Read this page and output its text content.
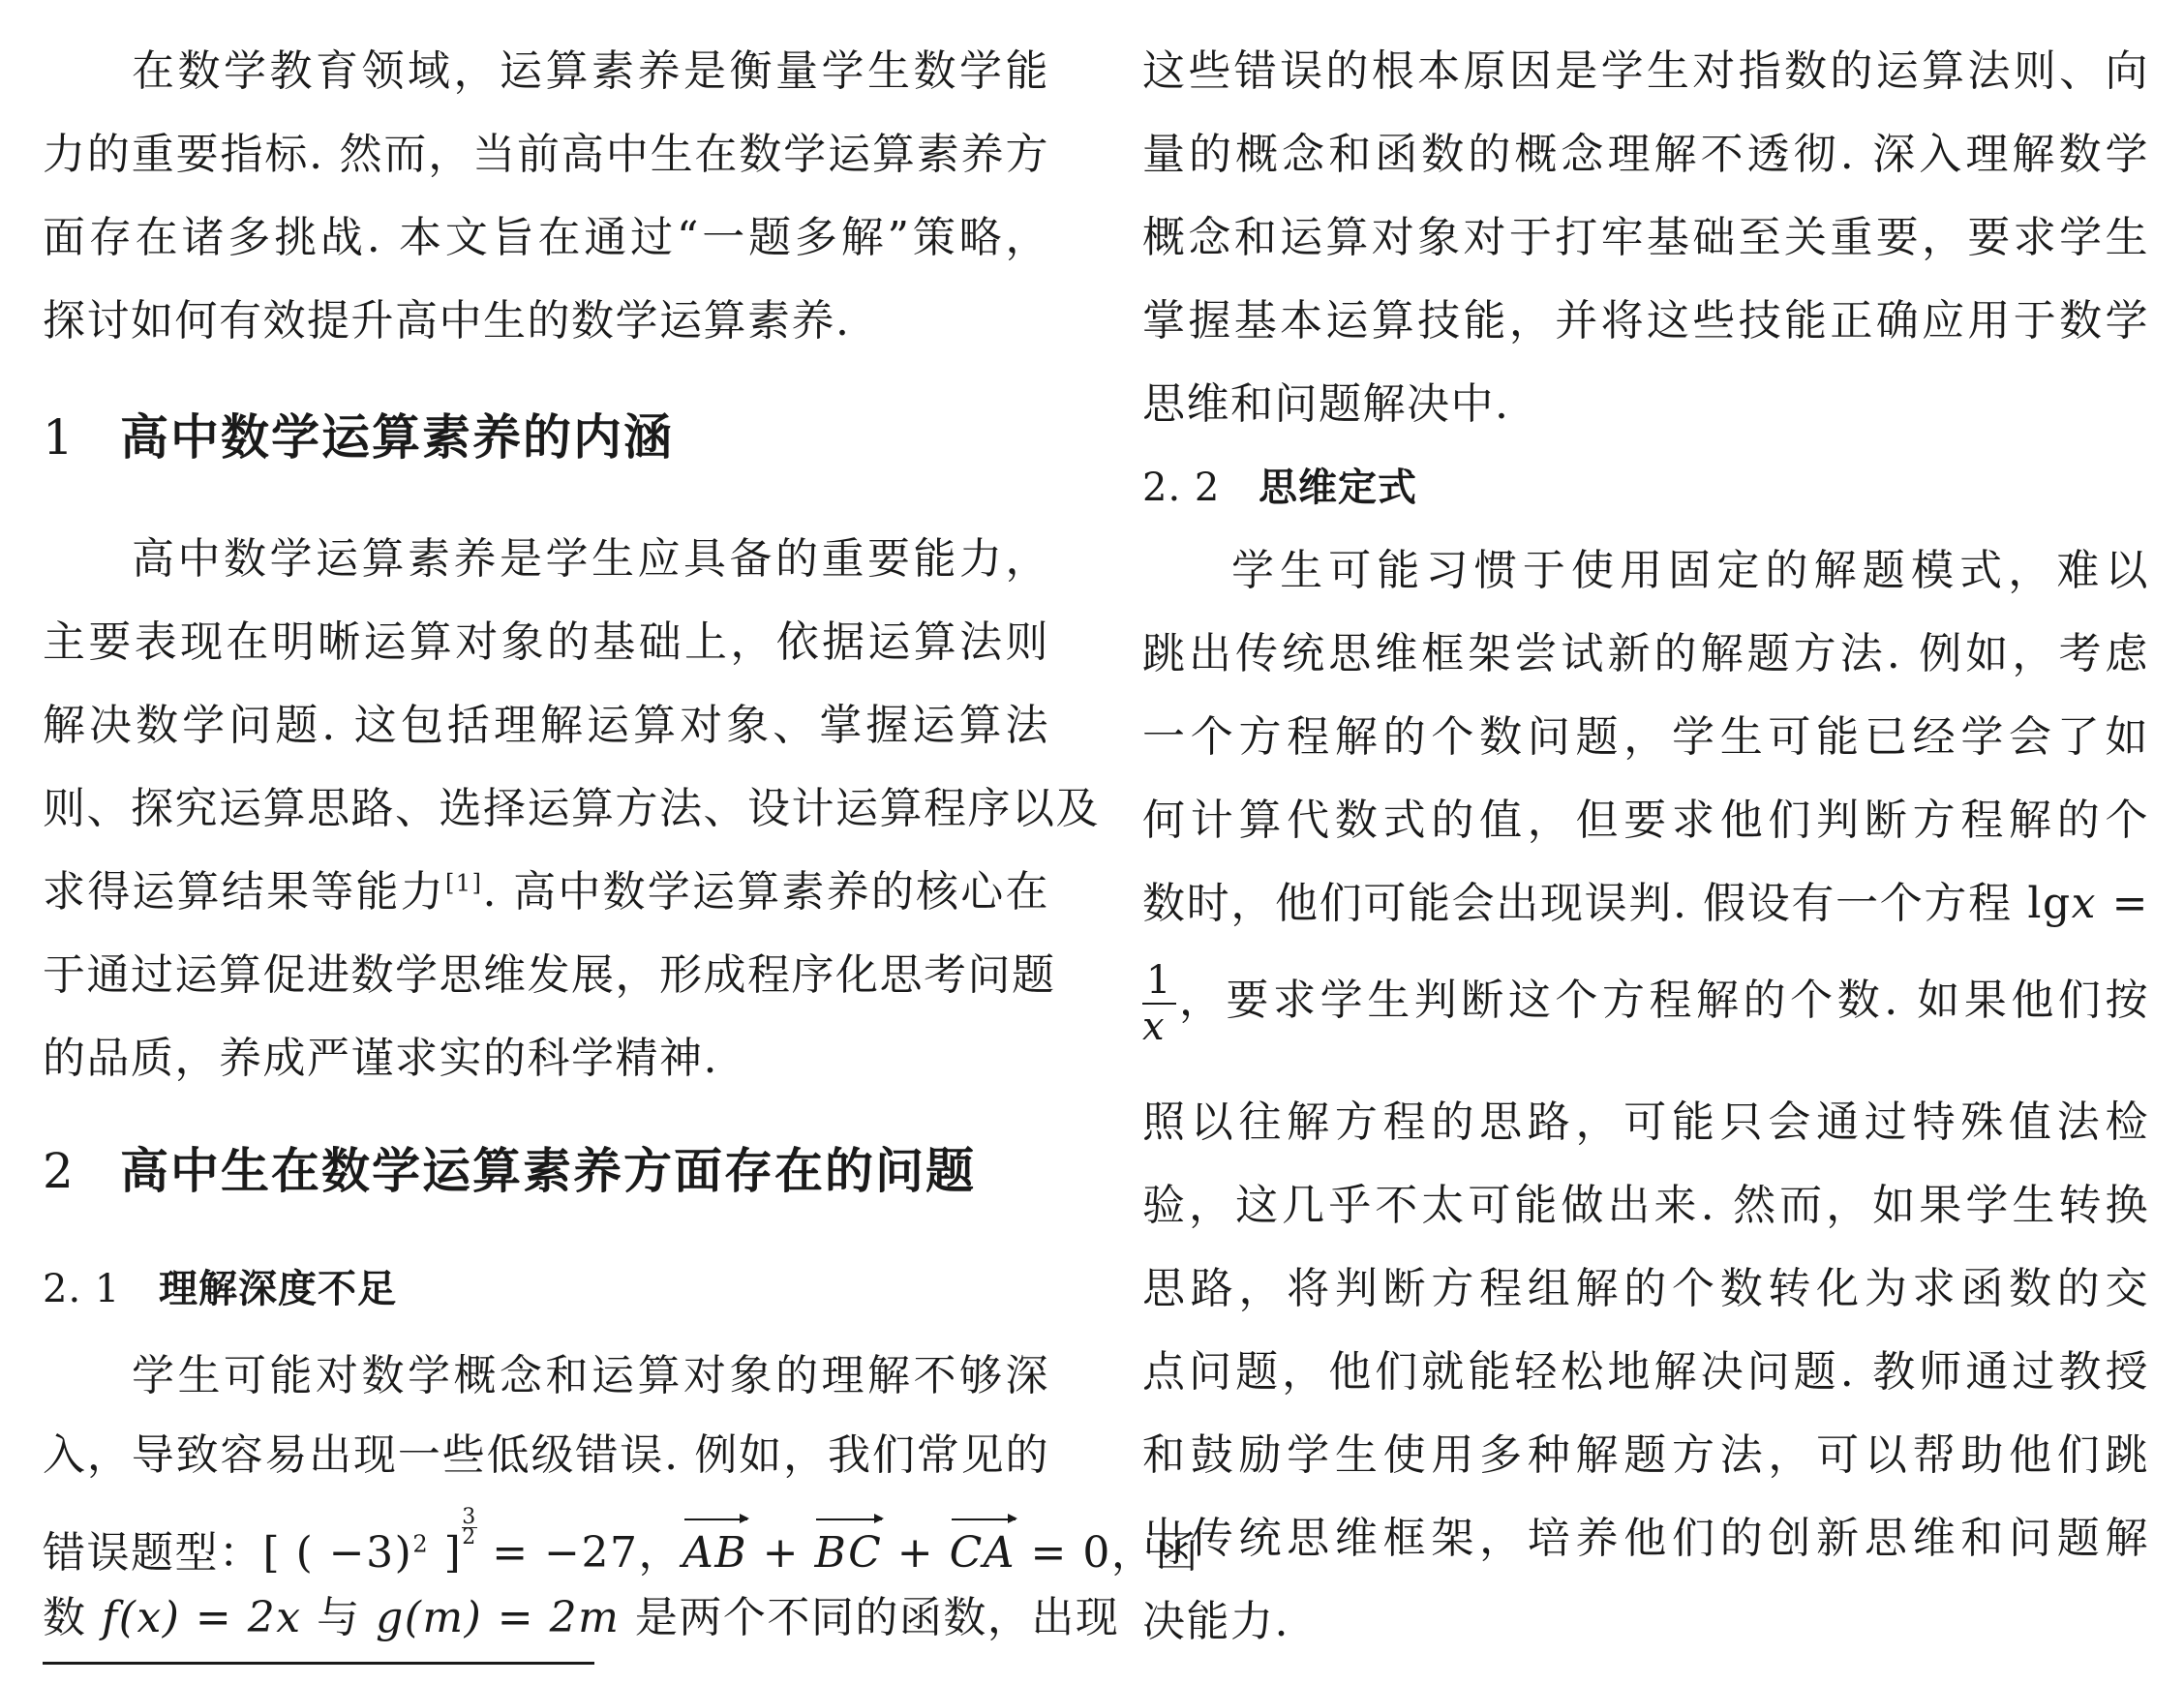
在数学教育领域，运算素养是衡量学生数学能
力的重要指标. 然而，当前高中生在数学运算素养方
面存在诸多挑战. 本文旨在通过“一题多解”策略，
探讨如何有效提升高中生的数学运算素养.
1 高中数学运算素养的内涵
高中数学运算素养是学生应具备的重要能力，
主要表现在明晰运算对象的基础上，依据运算法则
解决数学问题. 这包括理解运算对象、掌握运算法
则、探究运算思路、选择运算方法、设计运算程序以及
求得运算结果等能力[1]. 高中数学运算素养的核心在
于通过运算促进数学思维发展，形成程序化思考问题
的品质，养成严谨求实的科学精神.
2 高中生在数学运算素养方面存在的问题
2. 1 理解深度不足
学生可能对数学概念和运算对象的理解不够深
入，导致容易出现一些低级错误. 例如，我们常见的
错误题型：[ ( −3)$^2$ ]
$\frac{3}{2}$
= −27，AB + BC + CA = 0，函
数 f(x) = 2x 与 g(m) = 2m 是两个不同的函数，出现
这些错误的根本原因是学生对指数的运算法则、向
量的概念和函数的概念理解不透彻. 深入理解数学
概念和运算对象对于打牢基础至关重要，要求学生
掌握基本运算技能，并将这些技能正确应用于数学
思维和问题解决中.
2. 2 思维定式
学生可能习惯于使用固定的解题模式，难以
跳出传统思维框架尝试新的解题方法. 例如，考虑
一个方程解的个数问题，学生可能已经学会了如
何计算代数式的值，但要求他们判断方程解的个
数时，他们可能会出现误判. 假设有一个方程 lgx =
$\frac{1}{x}$ ，要求学生判断这个方程解的个数. 如果他们按
照以往解方程的思路，可能只会通过特殊值法检
验，这几乎不太可能做出来. 然而，如果学生转换
思路，将判断方程组解的个数转化为求函数的交
点问题，他们就能轻松地解决问题. 教师通过教授
和鼓励学生使用多种解题方法，可以帮助他们跳
出传统思维框架，培养他们的创新思维和问题解
决能力.
